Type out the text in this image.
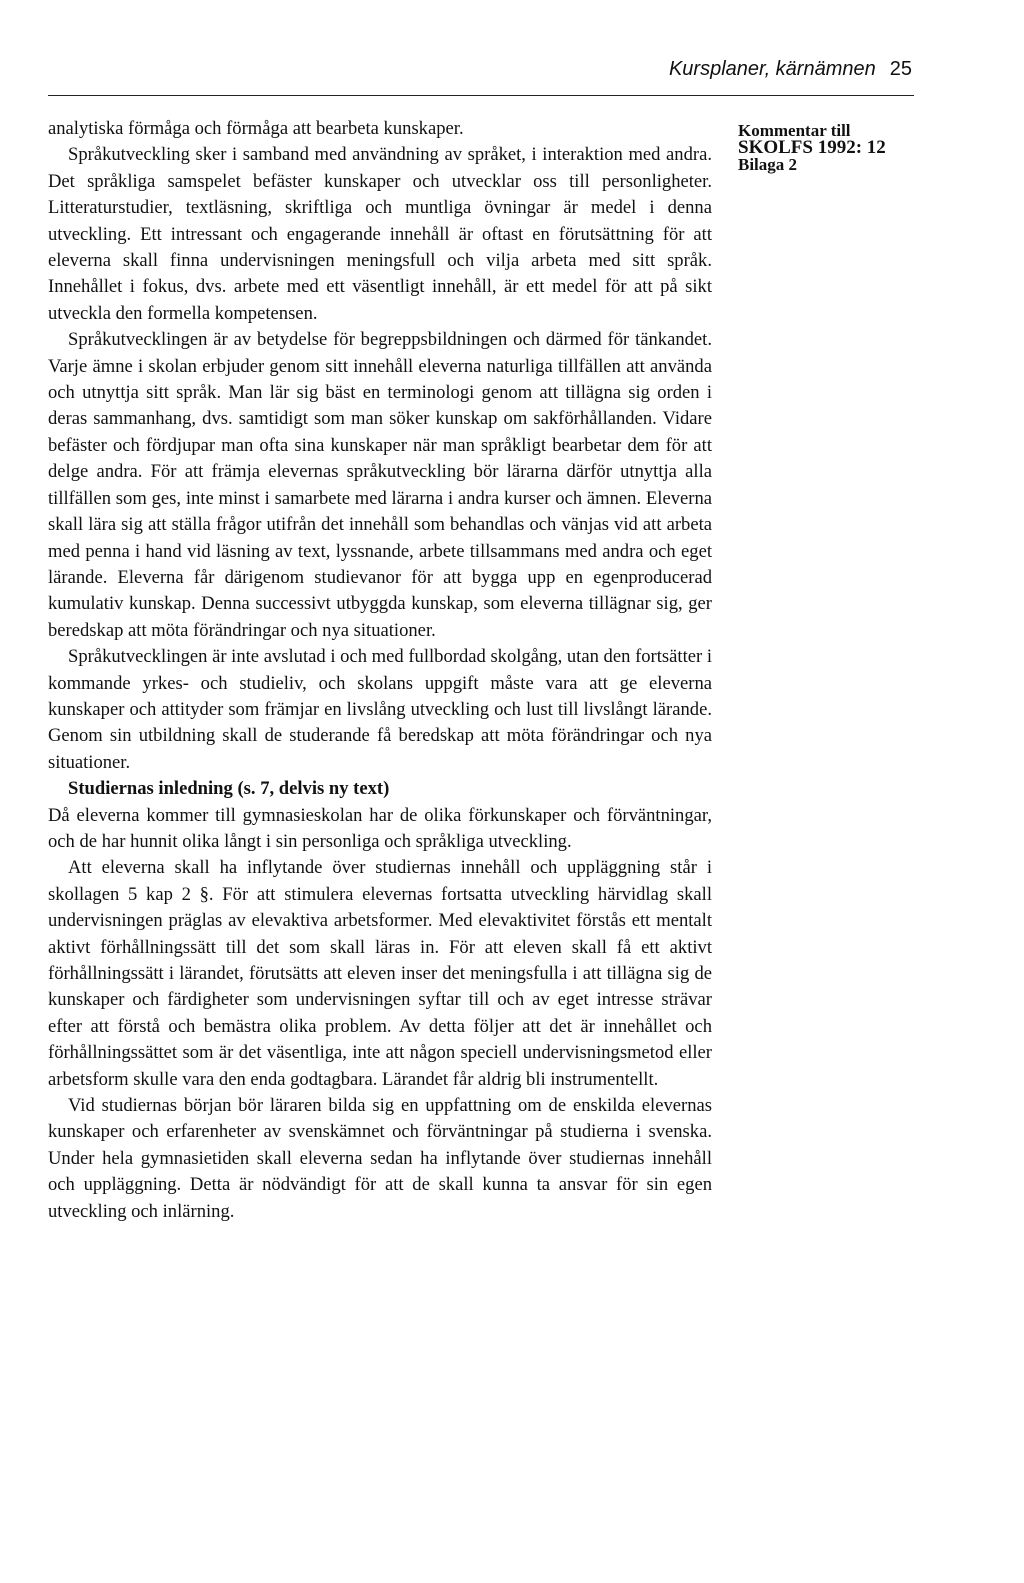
Kursplaner, kärnämnen 25
Kommentar till
SKOLFS 1992: 12
Bilaga 2

analytiska förmåga och förmåga att bearbeta kunskaper.

Språkutveckling sker i samband med användning av språket, i interaktion med andra. Det språkliga samspelet befäster kunskaper och utvecklar oss till personligheter. Litteraturstudier, textläsning, skriftliga och muntliga övningar är medel i denna utveckling. Ett intressant och engagerande innehåll är oftast en förutsättning för att eleverna skall finna undervisningen meningsfull och vilja arbeta med sitt språk. Innehållet i fokus, dvs. arbete med ett väsentligt innehåll, är ett medel för att på sikt utveckla den formella kompetensen.

Språkutvecklingen är av betydelse för begreppsbildningen och därmed för tänkandet. Varje ämne i skolan erbjuder genom sitt innehåll eleverna naturliga tillfällen att använda och utnyttja sitt språk. Man lär sig bäst en terminologi genom att tillägna sig orden i deras sammanhang, dvs. samtidigt som man söker kunskap om sakförhållanden. Vidare befäster och fördjupar man ofta sina kunskaper när man språkligt bearbetar dem för att delge andra. För att främja elevernas språkutveckling bör lärarna därför utnyttja alla tillfällen som ges, inte minst i samarbete med lärarna i andra kurser och ämnen. Eleverna skall lära sig att ställa frågor utifrån det innehåll som behandlas och vänjas vid att arbeta med penna i hand vid läsning av text, lyssnande, arbete tillsammans med andra och eget lärande. Eleverna får därigenom studievanor för att bygga upp en egenproducerad kumulativ kunskap. Denna successivt utbyggda kunskap, som eleverna tillägnar sig, ger beredskap att möta förändringar och nya situationer.

Språkutvecklingen är inte avslutad i och med fullbordad skolgång, utan den fortsätter i kommande yrkes- och studieliv, och skolans uppgift måste vara att ge eleverna kunskaper och attityder som främjar en livslång utveckling och lust till livslångt lärande. Genom sin utbildning skall de studerande få beredskap att möta förändringar och nya situationer.

Studiernas inledning (s. 7, delvis ny text)

Då eleverna kommer till gymnasieskolan har de olika förkunskaper och förväntningar, och de har hunnit olika långt i sin personliga och språkliga utveckling.

Att eleverna skall ha inflytande över studiernas innehåll och uppläggning står i skollagen 5 kap 2 §. För att stimulera elevernas fortsatta utveckling härvidlag skall undervisningen präglas av elevaktiva arbetsformer. Med elevaktivitet förstås ett mentalt aktivt förhållningssätt till det som skall läras in. För att eleven skall få ett aktivt förhållningssätt i lärandet, förutsätts att eleven inser det meningsfulla i att tillägna sig de kunskaper och färdigheter som undervisningen syftar till och av eget intresse strävar efter att förstå och bemästra olika problem. Av detta följer att det är innehållet och förhållningssättet som är det väsentliga, inte att någon speciell undervisningsmetod eller arbetsform skulle vara den enda godtagbara. Lärandet får aldrig bli instrumentellt.

Vid studiernas början bör läraren bilda sig en uppfattning om de enskilda elevernas kunskaper och erfarenheter av svenskämnet och förväntningar på studierna i svenska. Under hela gymnasietiden skall eleverna sedan ha inflytande över studiernas innehåll och uppläggning. Detta är nödvändigt för att de skall kunna ta ansvar för sin egen utveckling och inlärning.
